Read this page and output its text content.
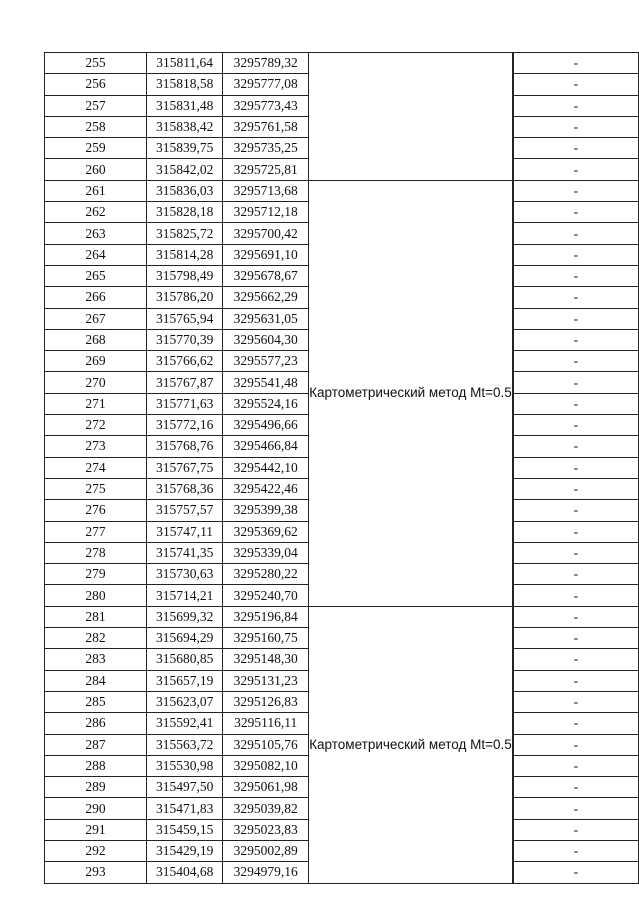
255	315811,64	3295789,32			-
256	315818,58	3295777,08		-
257	315831,48	3295773,43		-
258	315838,42	3295761,58		-
259	315839,75	3295735,25		-
260	315842,02	3295725,81		-
261	315836,03	3295713,68	Картометрический метод Mt=0.5		-
262	315828,18	3295712,18		-
263	315825,72	3295700,42		-
264	315814,28	3295691,10		-
265	315798,49	3295678,67		-
266	315786,20	3295662,29		-
267	315765,94	3295631,05		-
268	315770,39	3295604,30		-
269	315766,62	3295577,23		-
270	315767,87	3295541,48		-
271	315771,63	3295524,16		-
272	315772,16	3295496,66		-
273	315768,76	3295466,84		-
274	315767,75	3295442,10		-
275	315768,36	3295422,46		-
276	315757,57	3295399,38		-
277	315747,11	3295369,62		-
278	315741,35	3295339,04		-
279	315730,63	3295280,22		-
280	315714,21	3295240,70		-
281	315699,32	3295196,84	Картометрический метод Mt=0.5		-
282	315694,29	3295160,75		-
283	315680,85	3295148,30		-
284	315657,19	3295131,23		-
285	315623,07	3295126,83		-
286	315592,41	3295116,11		-
287	315563,72	3295105,76		-
288	315530,98	3295082,10		-
289	315497,50	3295061,98		-
290	315471,83	3295039,82		-
291	315459,15	3295023,83		-
292	315429,19	3295002,89		-
293	315404,68	3294979,16		-
